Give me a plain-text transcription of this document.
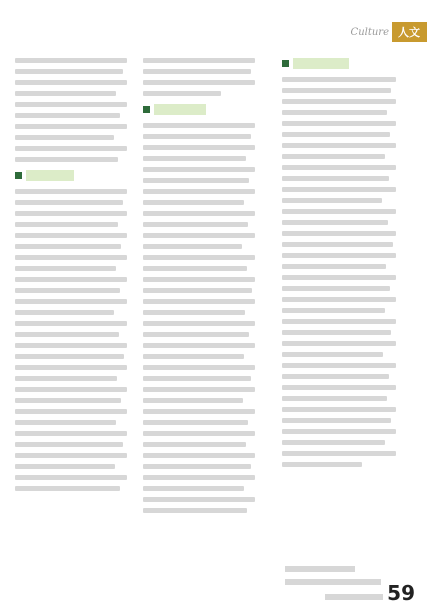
Culture 人文
59
